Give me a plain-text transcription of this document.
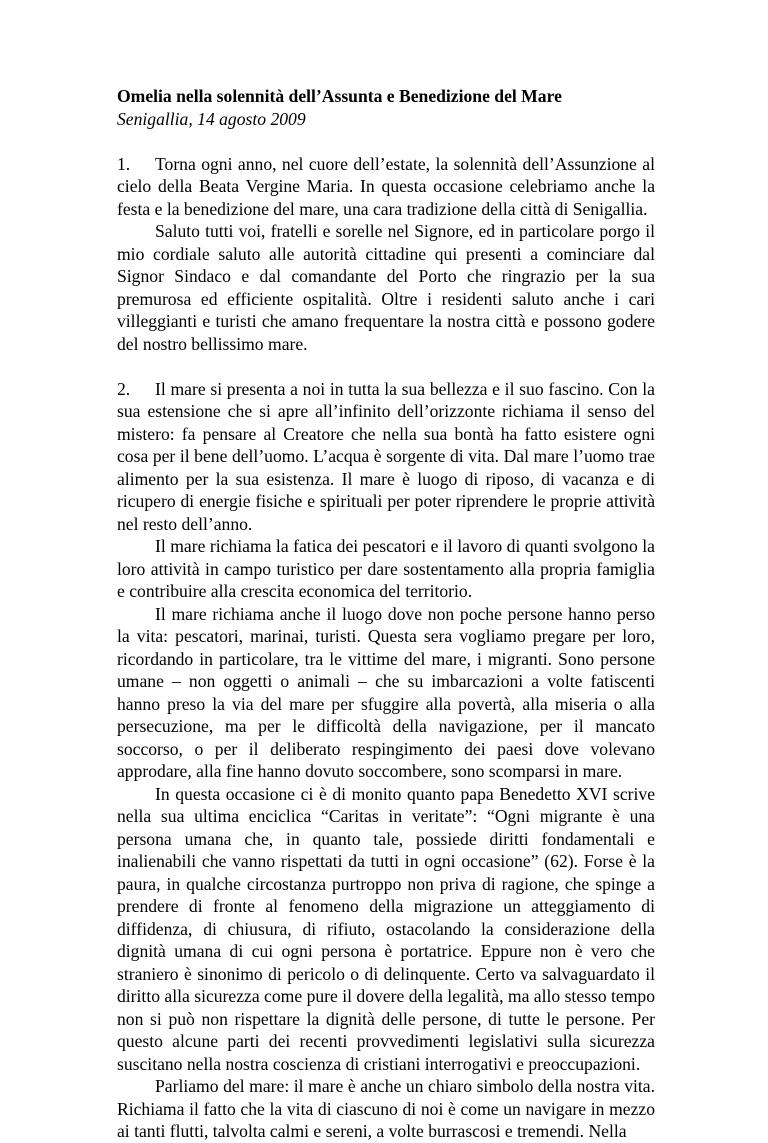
Omelia nella solennità dell’Assunta e Benedizione del Mare

Senigallia, 14 agosto 2009

1. Torna ogni anno, nel cuore dell’estate, la solennità dell’Assunzione al cielo della Beata Vergine Maria. In questa occasione celebriamo anche la festa e la benedizione del mare, una cara tradizione della città di Senigallia.

Saluto tutti voi, fratelli e sorelle nel Signore, ed in particolare porgo il mio cordiale saluto alle autorità cittadine qui presenti a cominciare dal Signor Sindaco e dal comandante del Porto che ringrazio per la sua premurosa ed efficiente ospitalità. Oltre i residenti saluto anche i cari villeggianti e turisti che amano frequentare la nostra città e possono godere del nostro bellissimo mare.

2. Il mare si presenta a noi in tutta la sua bellezza e il suo fascino. Con la sua estensione che si apre all’infinito dell’orizzonte richiama il senso del mistero: fa pensare al Creatore che nella sua bontà ha fatto esistere ogni cosa per il bene dell’uomo. L’acqua è sorgente di vita. Dal mare l’uomo trae alimento per la sua esistenza. Il mare è luogo di riposo, di vacanza e di ricupero di energie fisiche e spirituali per poter riprendere le proprie attività nel resto dell’anno.

Il mare richiama la fatica dei pescatori e il lavoro di quanti svolgono la loro attività in campo turistico per dare sostentamento alla propria famiglia e contribuire alla crescita economica del territorio.

Il mare richiama anche il luogo dove non poche persone hanno perso la vita: pescatori, marinai, turisti. Questa sera vogliamo pregare per loro, ricordando in particolare, tra le vittime del mare, i migranti. Sono persone umane – non oggetti o animali – che su imbarcazioni a volte fatiscenti hanno preso la via del mare per sfuggire alla povertà, alla miseria o alla persecuzione, ma per le difficoltà della navigazione, per il mancato soccorso, o per il deliberato respingimento dei paesi dove volevano approdare, alla fine hanno dovuto soccombere, sono scomparsi in mare.

In questa occasione ci è di monito quanto papa Benedetto XVI scrive nella sua ultima enciclica “Caritas in veritate”: “Ogni migrante è una persona umana che, in quanto tale, possiede diritti fondamentali e inalienabili che vanno rispettati da tutti in ogni occasione” (62). Forse è la paura, in qualche circostanza purtroppo non priva di ragione, che spinge a prendere di fronte al fenomeno della migrazione un atteggiamento di diffidenza, di chiusura, di rifiuto, ostacolando la considerazione della dignità umana di cui ogni persona è portatrice. Eppure non è vero che straniero è sinonimo di pericolo o di delinquente. Certo va salvaguardato il diritto alla sicurezza come pure il dovere della legalità, ma allo stesso tempo non si può non rispettare la dignità delle persone, di tutte le persone. Per questo alcune parti dei recenti provvedimenti legislativi sulla sicurezza suscitano nella nostra coscienza di cristiani interrogativi e preoccupazioni.

Parliamo del mare: il mare è anche un chiaro simbolo della nostra vita. Richiama il fatto che la vita di ciascuno di noi è come un navigare in mezzo ai tanti flutti, talvolta calmi e sereni, a volte burrascosi e tremendi. Nella
